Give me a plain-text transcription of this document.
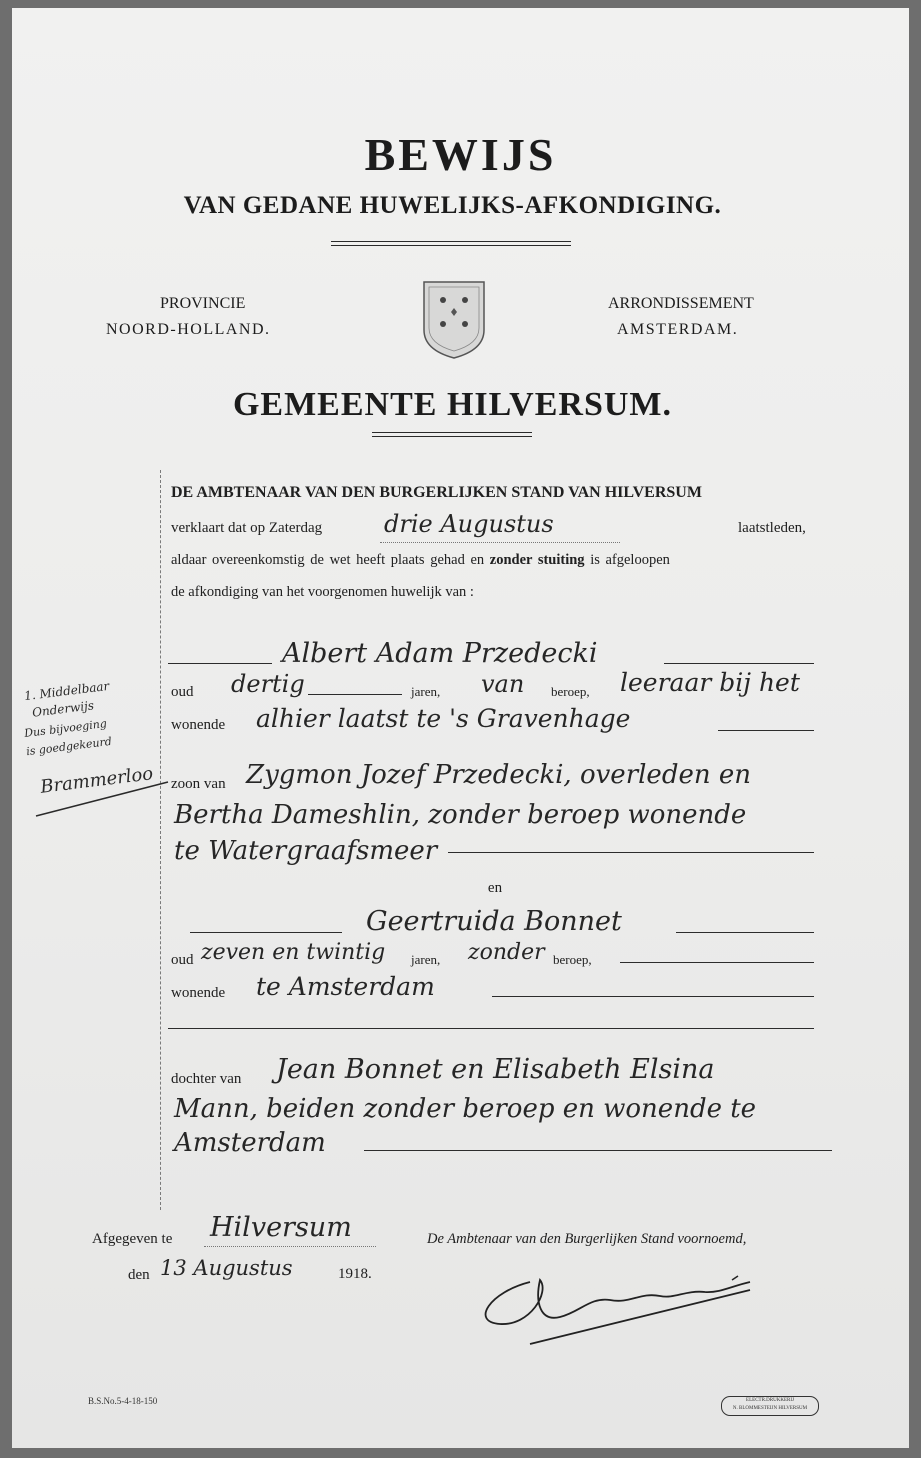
BEWIJS
VAN GEDANE HUWELIJKS-AFKONDIGING.
PROVINCIE
NOORD-HOLLAND.
ARRONDISSEMENT
AMSTERDAM.
GEMEENTE HILVERSUM.
DE AMBTENAAR VAN DEN BURGERLIJKEN STAND VAN HILVERSUM
verklaart dat op Zaterdag	drie Augustus	laatstleden,
aldaar overeenkomstig de wet heeft plaats gehad en zonder stuiting is afgeloopen
de afkondiging van het voorgenomen huwelijk van :
Albert Adam Przedecki
oud dertig	jaren, van beroep, leeraar bij het
wonende alhier laatst te 's Gravenhage
zoon van Zygmon Jozef Przedecki, overleden en
Bertha Dameshlin, zonder beroep wonende
te Watergraafsmeer
en
Geertruida Bonnet
oud zeven en twintig jaren, zonder beroep,
wonende te Amsterdam
dochter van Jean Bonnet en Elisabeth Elsina
Mann, beiden zonder beroep en wonende te
Amsterdam
1. Middelbaar
Onderwijs
Dus bijvoeging
is goedgekeurd
Brammerloo
Afgegeven te Hilversum
den 13 Augustus	1918.
De Ambtenaar van den Burgerlijken Stand voornoemd,
B.S.No.5-4-18-150	ELECTR.DRUKKERIJ
N. BLOMMESTEIJN HILVERSUM
